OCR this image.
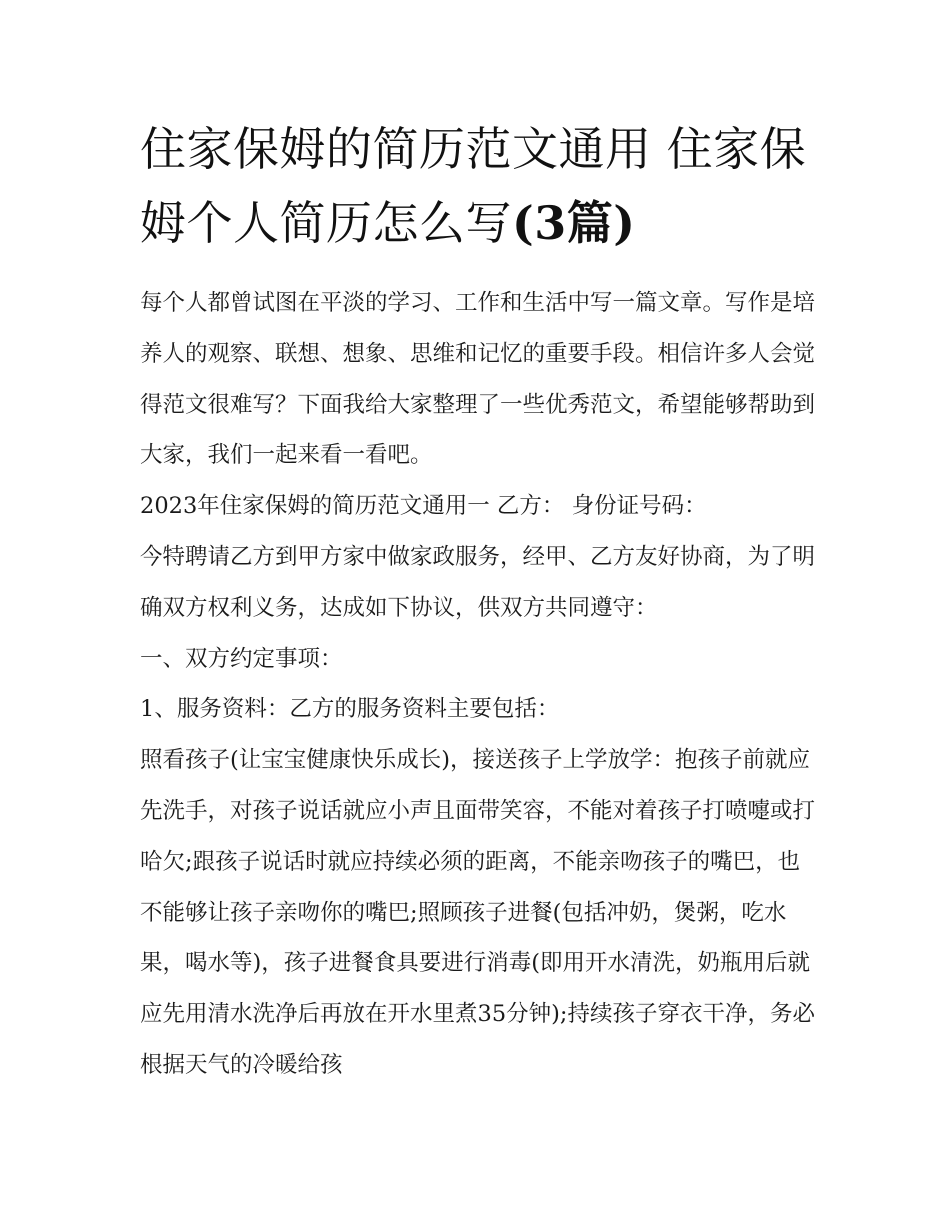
住家保姆的简历范文通用 住家保姆个人简历怎么写(3篇)

每个人都曾试图在平淡的学习、工作和生活中写一篇文章。写作是培养人的观察、联想、想象、思维和记忆的重要手段。相信许多人会觉得范文很难写？下面我给大家整理了一些优秀范文，希望能够帮助到大家，我们一起来看一看吧。

2023年住家保姆的简历范文通用一 乙方： 身份证号码：

今特聘请乙方到甲方家中做家政服务，经甲、乙方友好协商，为了明确双方权利义务，达成如下协议，供双方共同遵守：

一、双方约定事项：

1、服务资料：乙方的服务资料主要包括：

照看孩子(让宝宝健康快乐成长)，接送孩子上学放学：抱孩子前就应先洗手，对孩子说话就应小声且面带笑容，不能对着孩子打喷嚏或打哈欠;跟孩子说话时就应持续必须的距离，不能亲吻孩子的嘴巴，也不能够让孩子亲吻你的嘴巴;照顾孩子进餐(包括冲奶，煲粥，吃水果，喝水等)，孩子进餐食具要进行消毒(即用开水清洗，奶瓶用后就应先用清水洗净后再放在开水里煮35分钟);持续孩子穿衣干净，务必根据天气的冷暖给孩
